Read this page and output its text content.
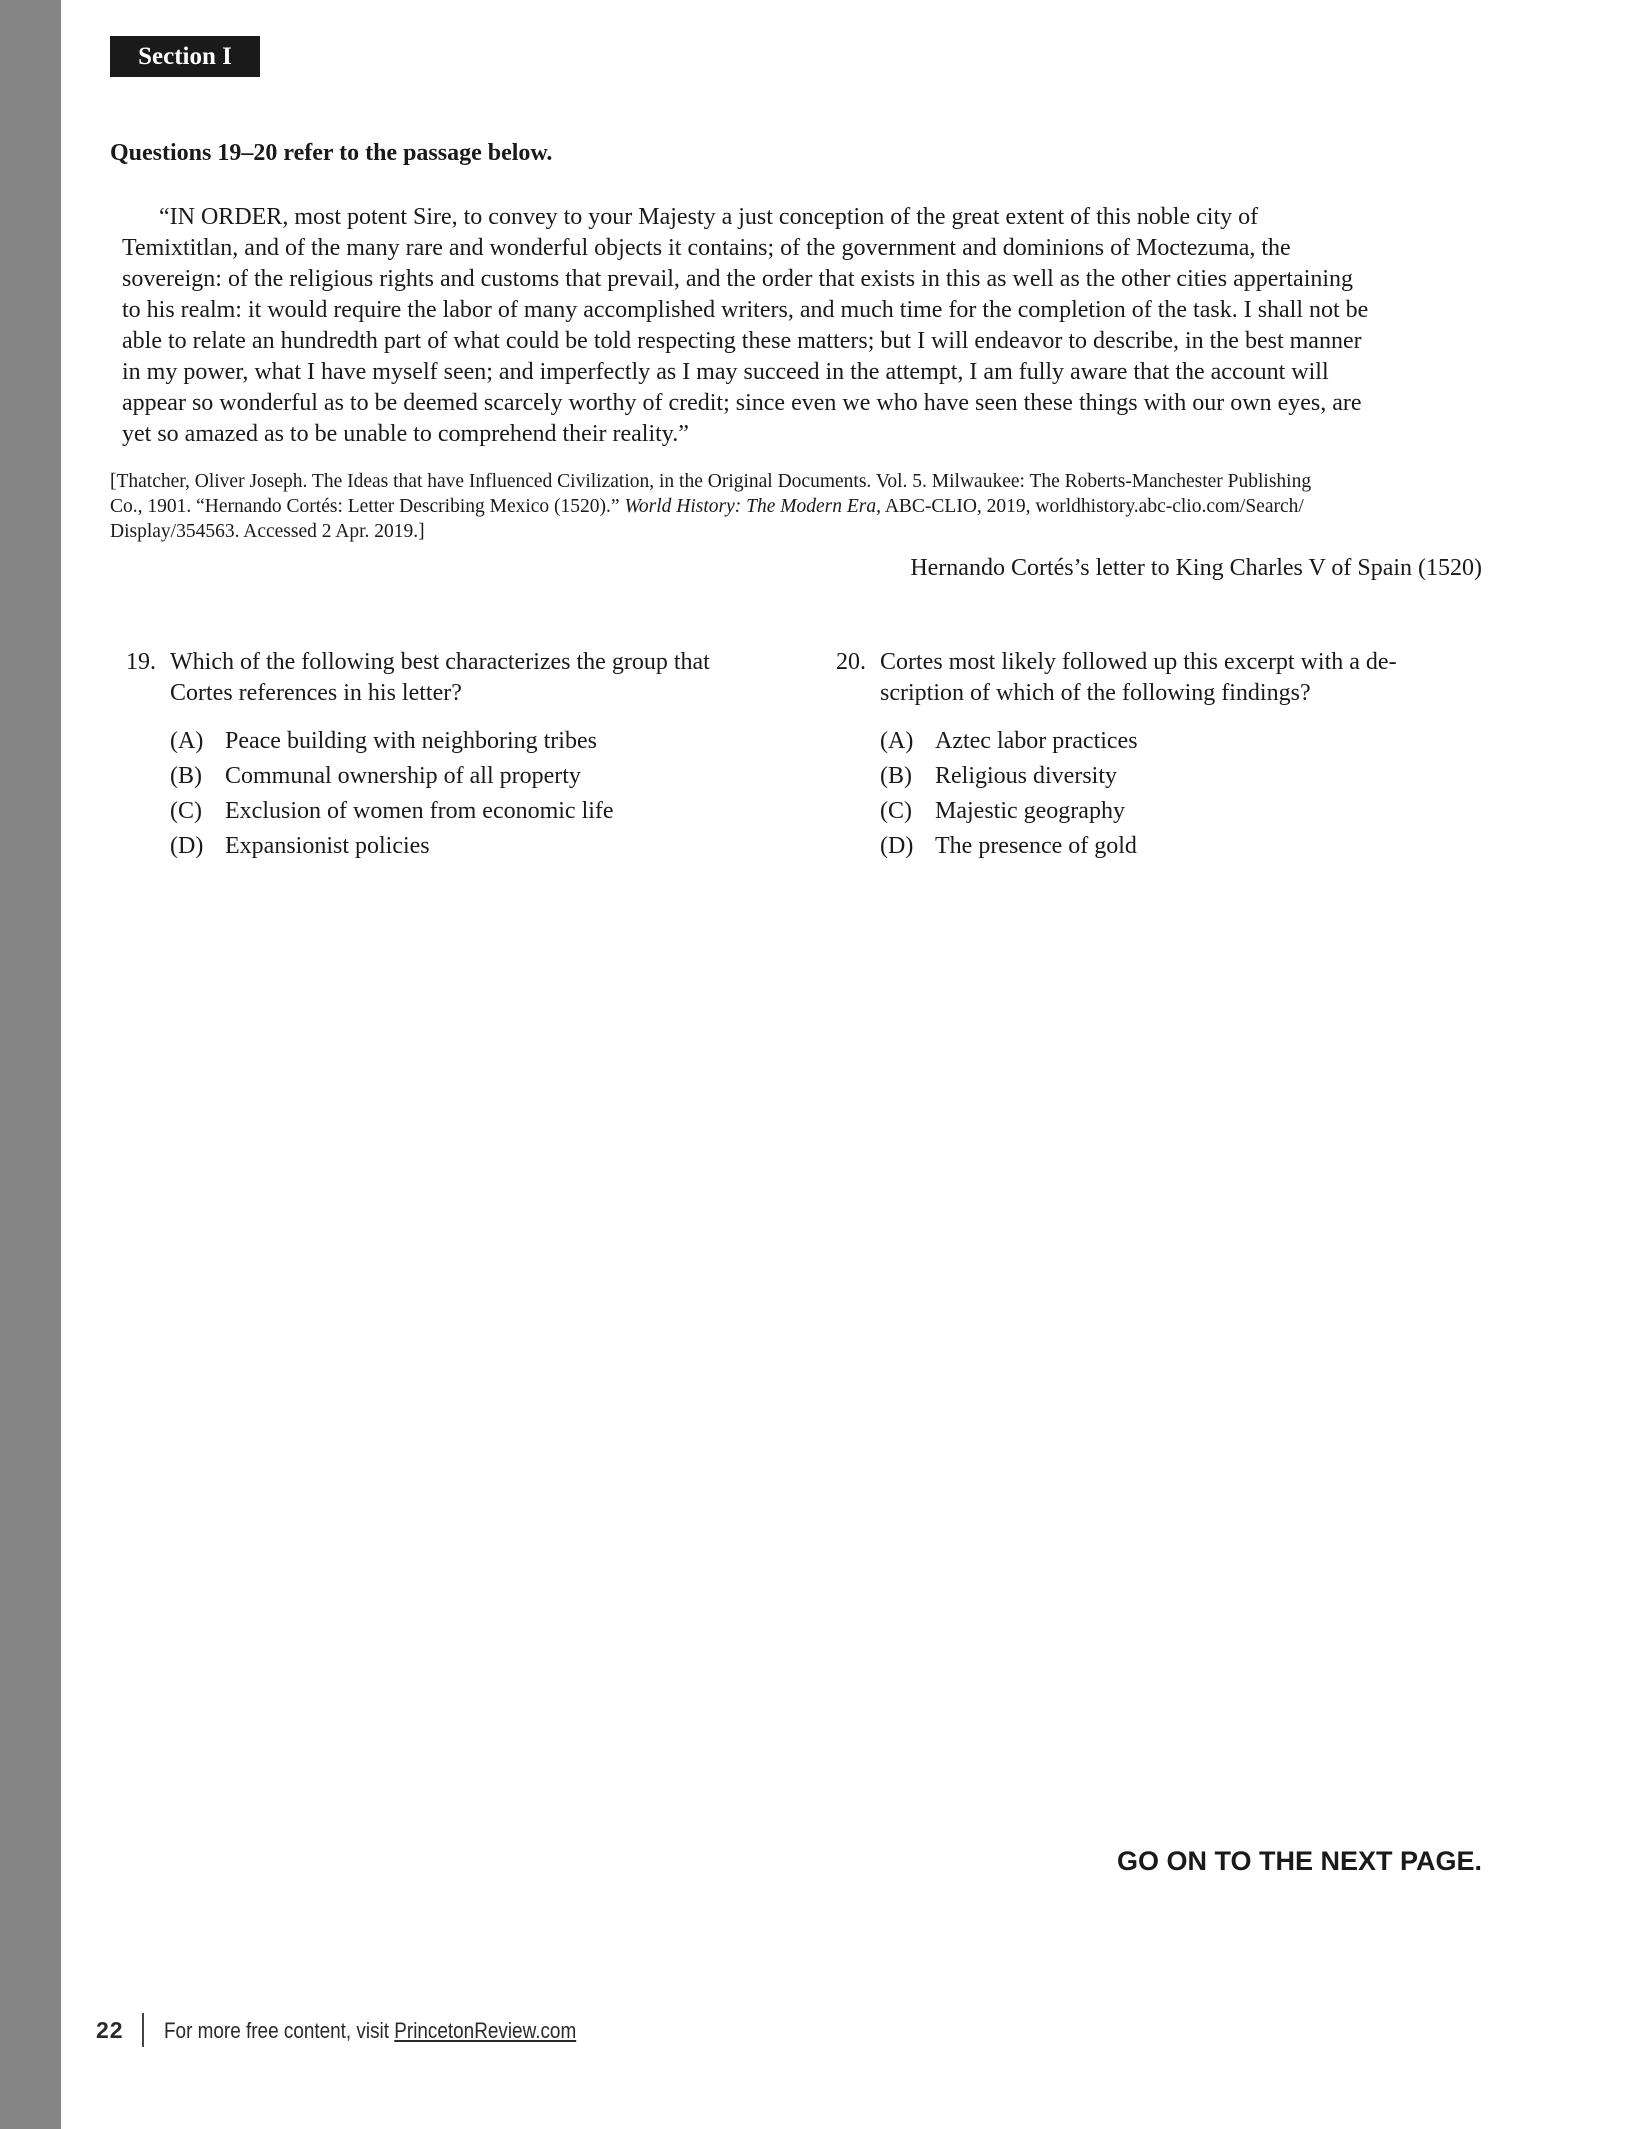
Section I
Questions 19–20 refer to the passage below.
“IN ORDER, most potent Sire, to convey to your Majesty a just conception of the great extent of this noble city of
Temixtitlan, and of the many rare and wonderful objects it contains; of the government and dominions of Moctezuma, the
sovereign: of the religious rights and customs that prevail, and the order that exists in this as well as the other cities appertaining
to his realm: it would require the labor of many accomplished writers, and much time for the completion of the task. I shall not be
able to relate an hundredth part of what could be told respecting these matters; but I will endeavor to describe, in the best manner
in my power, what I have myself seen; and imperfectly as I may succeed in the attempt, I am fully aware that the account will
appear so wonderful as to be deemed scarcely worthy of credit; since even we who have seen these things with our own eyes, are
yet so amazed as to be unable to comprehend their reality.”
[Thatcher, Oliver Joseph. The Ideas that have Influenced Civilization, in the Original Documents. Vol. 5. Milwaukee: The Roberts-Manchester Publishing
Co., 1901. “Hernando Cortés: Letter Describing Mexico (1520).” World History: The Modern Era, ABC-CLIO, 2019, worldhistory.abc-clio.com/Search/
Display/354563. Accessed 2 Apr. 2019.]
Hernando Cortés’s letter to King Charles V of Spain (1520)
19. Which of the following best characterizes the group that
Cortes references in his letter?
(A) Peace building with neighboring tribes
(B) Communal ownership of all property
(C) Exclusion of women from economic life
(D) Expansionist policies
20. Cortes most likely followed up this excerpt with a de-
scription of which of the following findings?
(A) Aztec labor practices
(B) Religious diversity
(C) Majestic geography
(D) The presence of gold
GO ON TO THE NEXT PAGE.
22 For more free content, visit PrincetonReview.com
